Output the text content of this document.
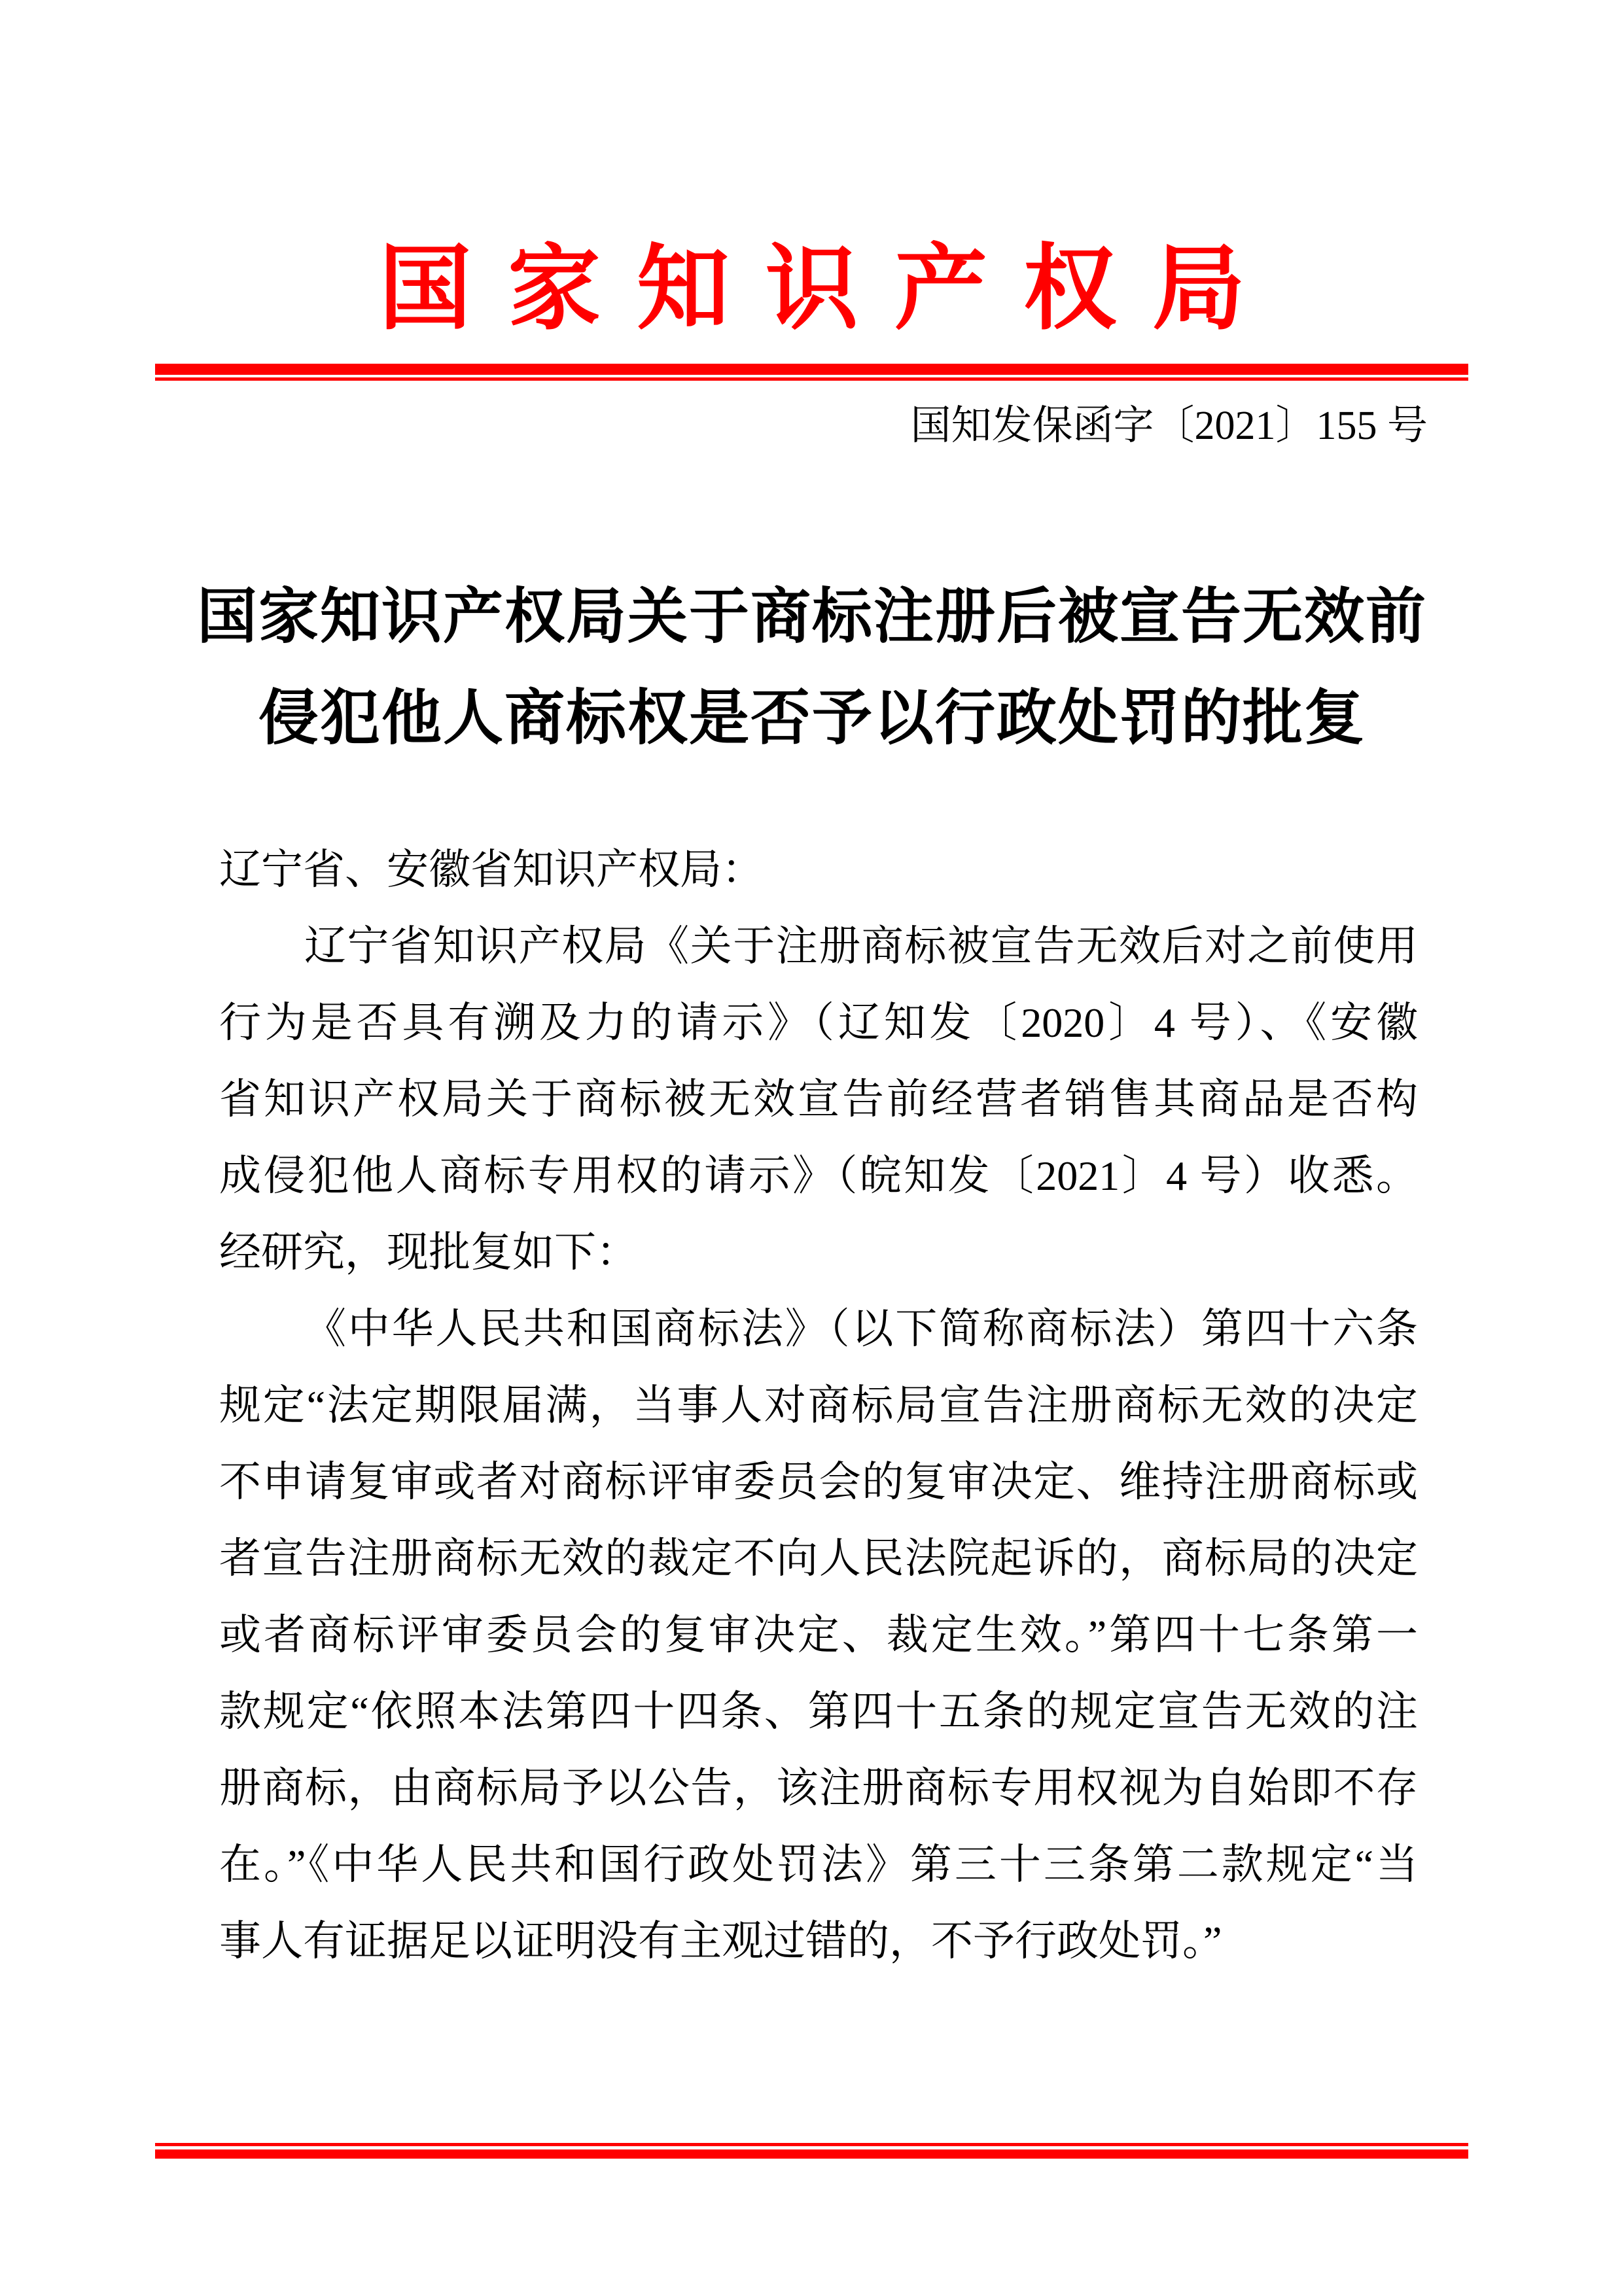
国家知识产权局
国知发保函字〔2021〕155 号
国家知识产权局关于商标注册后被宣告无效前
侵犯他人商标权是否予以行政处罚的批复
辽宁省、安徽省知识产权局：
辽宁省知识产权局《关于注册商标被宣告无效后对之前使用
行为是否具有溯及力的请示》（辽知发〔2020〕4 号）、《安徽
省知识产权局关于商标被无效宣告前经营者销售其商品是否构
成侵犯他人商标专用权的请示》（皖知发〔2021〕4 号）收悉。
经研究，现批复如下：
《中华人民共和国商标法》（以下简称商标法）第四十六条
规定“法定期限届满，当事人对商标局宣告注册商标无效的决定
不申请复审或者对商标评审委员会的复审决定、维持注册商标或
者宣告注册商标无效的裁定不向人民法院起诉的，商标局的决定
或者商标评审委员会的复审决定、裁定生效。”第四十七条第一
款规定“依照本法第四十四条、第四十五条的规定宣告无效的注
册商标，由商标局予以公告，该注册商标专用权视为自始即不存
在。”《中华人民共和国行政处罚法》第三十三条第二款规定“当
事人有证据足以证明没有主观过错的，不予行政处罚。”
